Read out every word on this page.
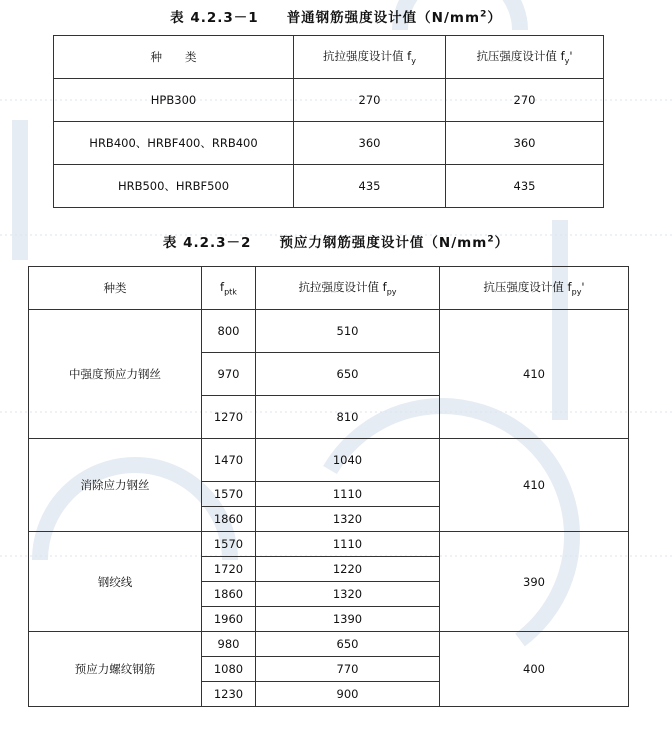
表 4.2.3－1 普通钢筋强度设计值$(N/mm^2)$
种　　类	抗拉强度设计值 $f_y$	抗压强度设计值 $f_y'$
HPB300	270	270
HRB400、HRBF400、RRB400	360	360
HRB500、HRBF500	435	435
表 4.2.3－2 预应力钢筋强度设计值$(N/mm^2)$
种类	$f_{ptk}$	抗拉强度设计值 $f_{py}$	抗压强度设计值 $f_{py}'$
中强度预应力钢丝	800	510	410
	970	650	
	1270	810	
消除应力钢丝	1470	1040	410
	1570	1110	
	1860	1320	
钢绞线	1570	1110	390
	1720	1220	
	1860	1320	
	1960	1390	
预应力螺纹钢筋	980	650	400
	1080	770	
	1230	900	
